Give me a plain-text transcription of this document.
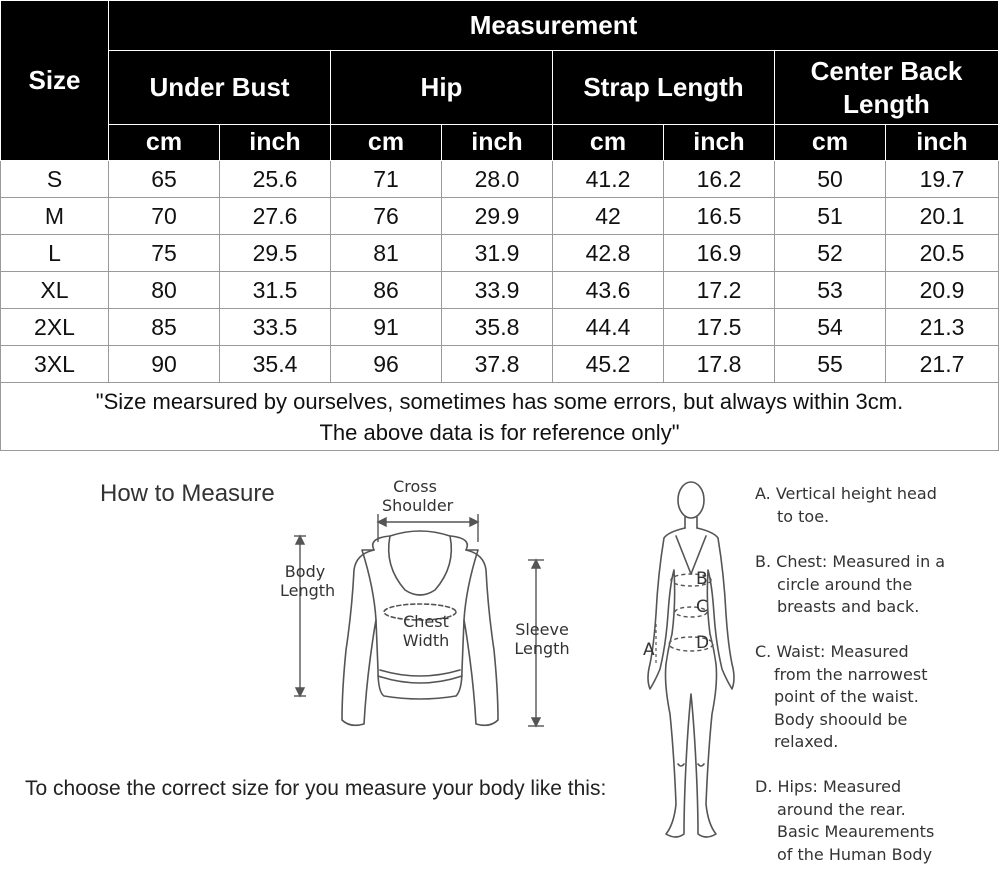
Size	Measurement							

	Under Bust		Hip		Strap Length		Center Back
Length	

	cm	inch	cm	inch	cm	inch	cm	inch
S	65	25.6	71	28.0	41.2	16.2	50	19.7
M	70	27.6	76	29.9	42	16.5	51	20.1
L	75	29.5	81	31.9	42.8	16.9	52	20.5
XL	80	31.5	86	33.9	43.6	17.2	53	20.9
2XL	85	33.5	91	35.8	44.4	17.5	54	21.3
3XL	90	35.4	96	37.8	45.2	17.8	55	21.7

"Size mearsured by ourselves, sometimes has some errors, but always within 3cm.
The above data is for reference only"								
How to Measure
To choose the correct size for you measure your body like this:
Cross
Shoulder
Body
Length
Chest
Width
Sleeve
Length	A
B
C
D
A. Vertical height head
to toe.
B. Chest: Measured in a
circle around the
breasts and back.
C. Waist: Measured
from the narrowest
point of the waist.
Body shoould be
relaxed.
D. Hips: Measured
around the rear.
Basic Meaurements
of the Human Body
